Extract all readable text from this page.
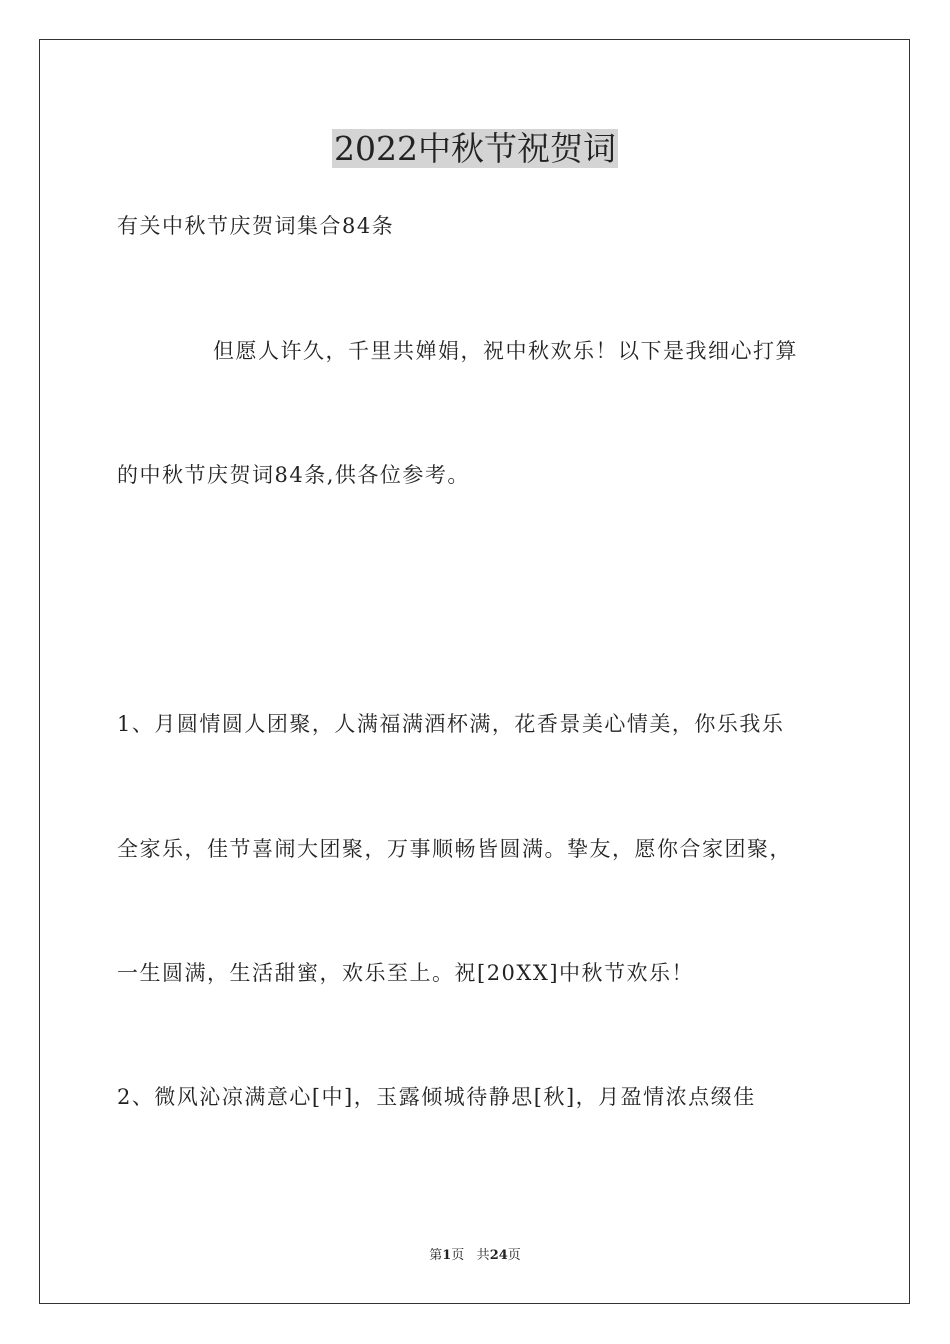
2022中秋节祝贺词
有关中秋节庆贺词集合84条
但愿人许久，千里共婵娟，祝中秋欢乐！以下是我细心打算
的中秋节庆贺词84条,供各位参考。
1、月圆情圆人团聚，人满福满酒杯满，花香景美心情美，你乐我乐
全家乐，佳节喜闹大团聚，万事顺畅皆圆满。挚友，愿你合家团聚，
一生圆满，生活甜蜜，欢乐至上。祝[20XX]中秋节欢乐！
2、微风沁凉满意心[中]，玉露倾城待静思[秋]，月盈情浓点缀佳
第1页 共24页
